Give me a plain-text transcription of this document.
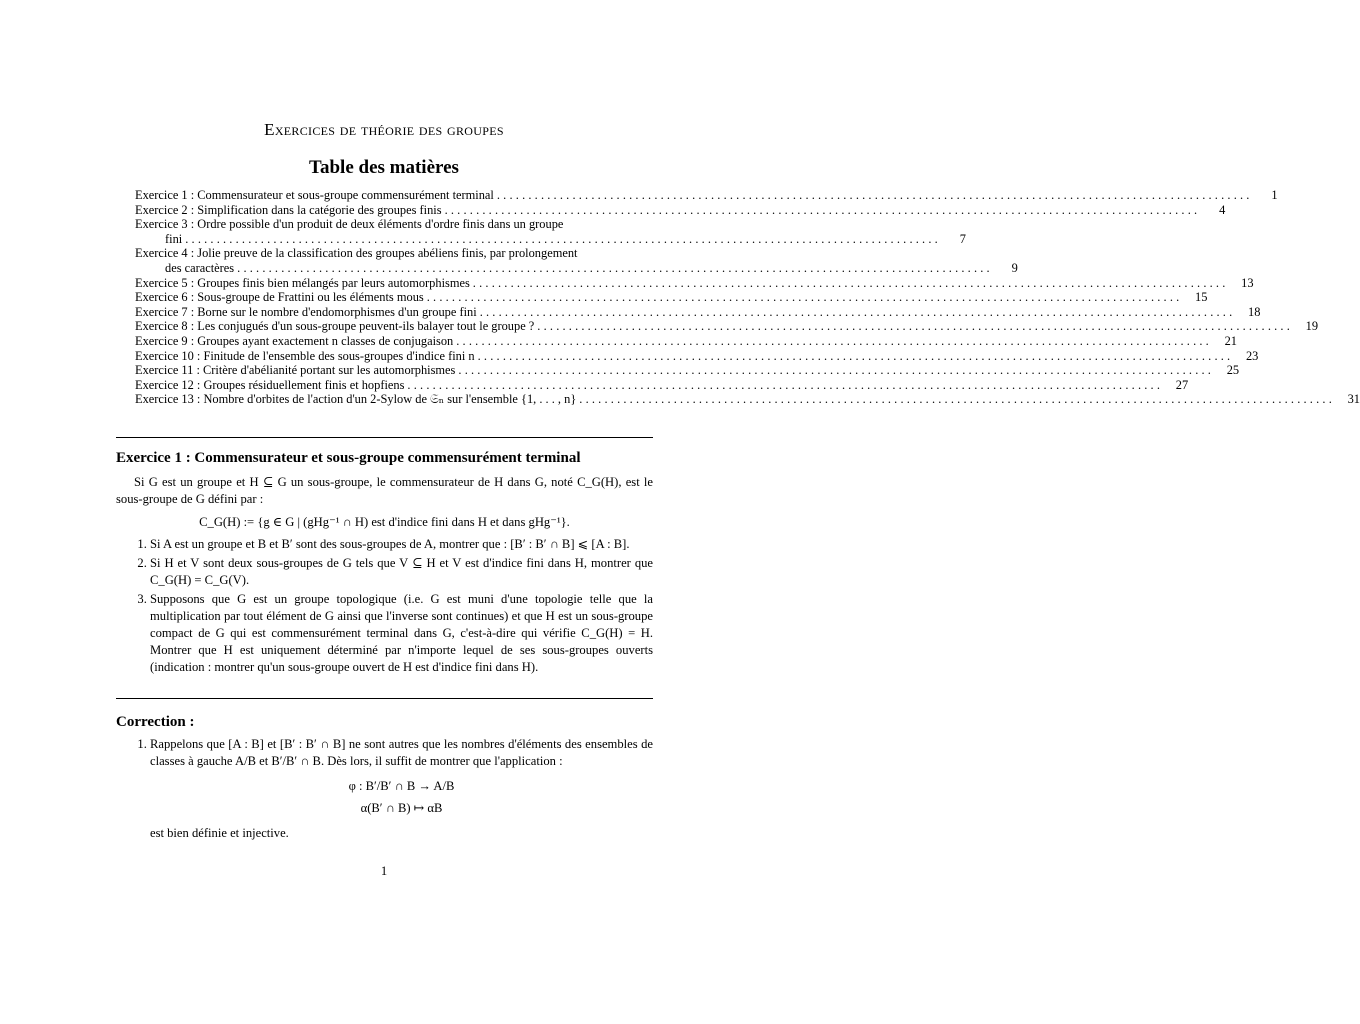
Exercices de théorie des groupes
Table des matières
Exercice 1 : Commensurateur et sous-groupe commensurément terminal ........................................................................................................................	1
Exercice 2 : Simplification dans la catégorie des groupes finis ........................................................................................................................	4
Exercice 3 : Ordre possible d'un produit de deux éléments d'ordre finis dans un groupe
fini ........................................................................................................................	7
Exercice 4 : Jolie preuve de la classification des groupes abéliens finis, par prolongement
des caractères ........................................................................................................................	9
Exercice 5 : Groupes finis bien mélangés par leurs automorphismes ........................................................................................................................	13
Exercice 6 : Sous-groupe de Frattini ou les éléments mous ........................................................................................................................	15
Exercice 7 : Borne sur le nombre d'endomorphismes d'un groupe fini ........................................................................................................................	18
Exercice 8 : Les conjugués d'un sous-groupe peuvent-ils balayer tout le groupe ? ........................................................................................................................	19
Exercice 9 : Groupes ayant exactement n classes de conjugaison ........................................................................................................................	21
Exercice 10 : Finitude de l'ensemble des sous-groupes d'indice fini n ........................................................................................................................	23
Exercice 11 : Critère d'abélianité portant sur les automorphismes ........................................................................................................................	25
Exercice 12 : Groupes résiduellement finis et hopfiens ........................................................................................................................	27
Exercice 13 : Nombre d'orbites de l'action d'un 2-Sylow de 𝔖ₙ sur l'ensemble {1, . . . , n} ........................................................................................................................	31
Exercice 1 : Commensurateur et sous-groupe commensurément terminal

Si G est un groupe et H ⊆ G un sous-groupe, le commensurateur de H dans G, noté C_G(H), est le sous-groupe de G défini par :

C_G(H) := {g ∈ G | (gHg⁻¹ ∩ H) est d'indice fini dans H et dans gHg⁻¹}.
1. Si A est un groupe et B et B′ sont des sous-groupes de A, montrer que : [B′ : B′ ∩ B] ⩽ [A : B].
2. Si H et V sont deux sous-groupes de G tels que V ⊆ H et V est d'indice fini dans H, montrer que C_G(H) = C_G(V).
3. Supposons que G est un groupe topologique (i.e. G est muni d'une topologie telle que la multiplication par tout élément de G ainsi que l'inverse sont continues) et que H est un sous-groupe compact de G qui est commensurément terminal dans G, c'est-à-dire qui vérifie C_G(H) = H. Montrer que H est uniquement déterminé par n'importe lequel de ses sous-groupes ouverts (indication : montrer qu'un sous-groupe ouvert de H est d'indice fini dans H).
Correction :
1. Rappelons que [A : B] et [B′ : B′ ∩ B] ne sont autres que les nombres d'éléments des ensembles de classes à gauche A/B et B′/B′ ∩ B. Dès lors, il suffit de montrer que l'application :
φ : B′/B′ ∩ B → A/B
α(B′ ∩ B) ↦ αB
est bien définie et injective.
1
